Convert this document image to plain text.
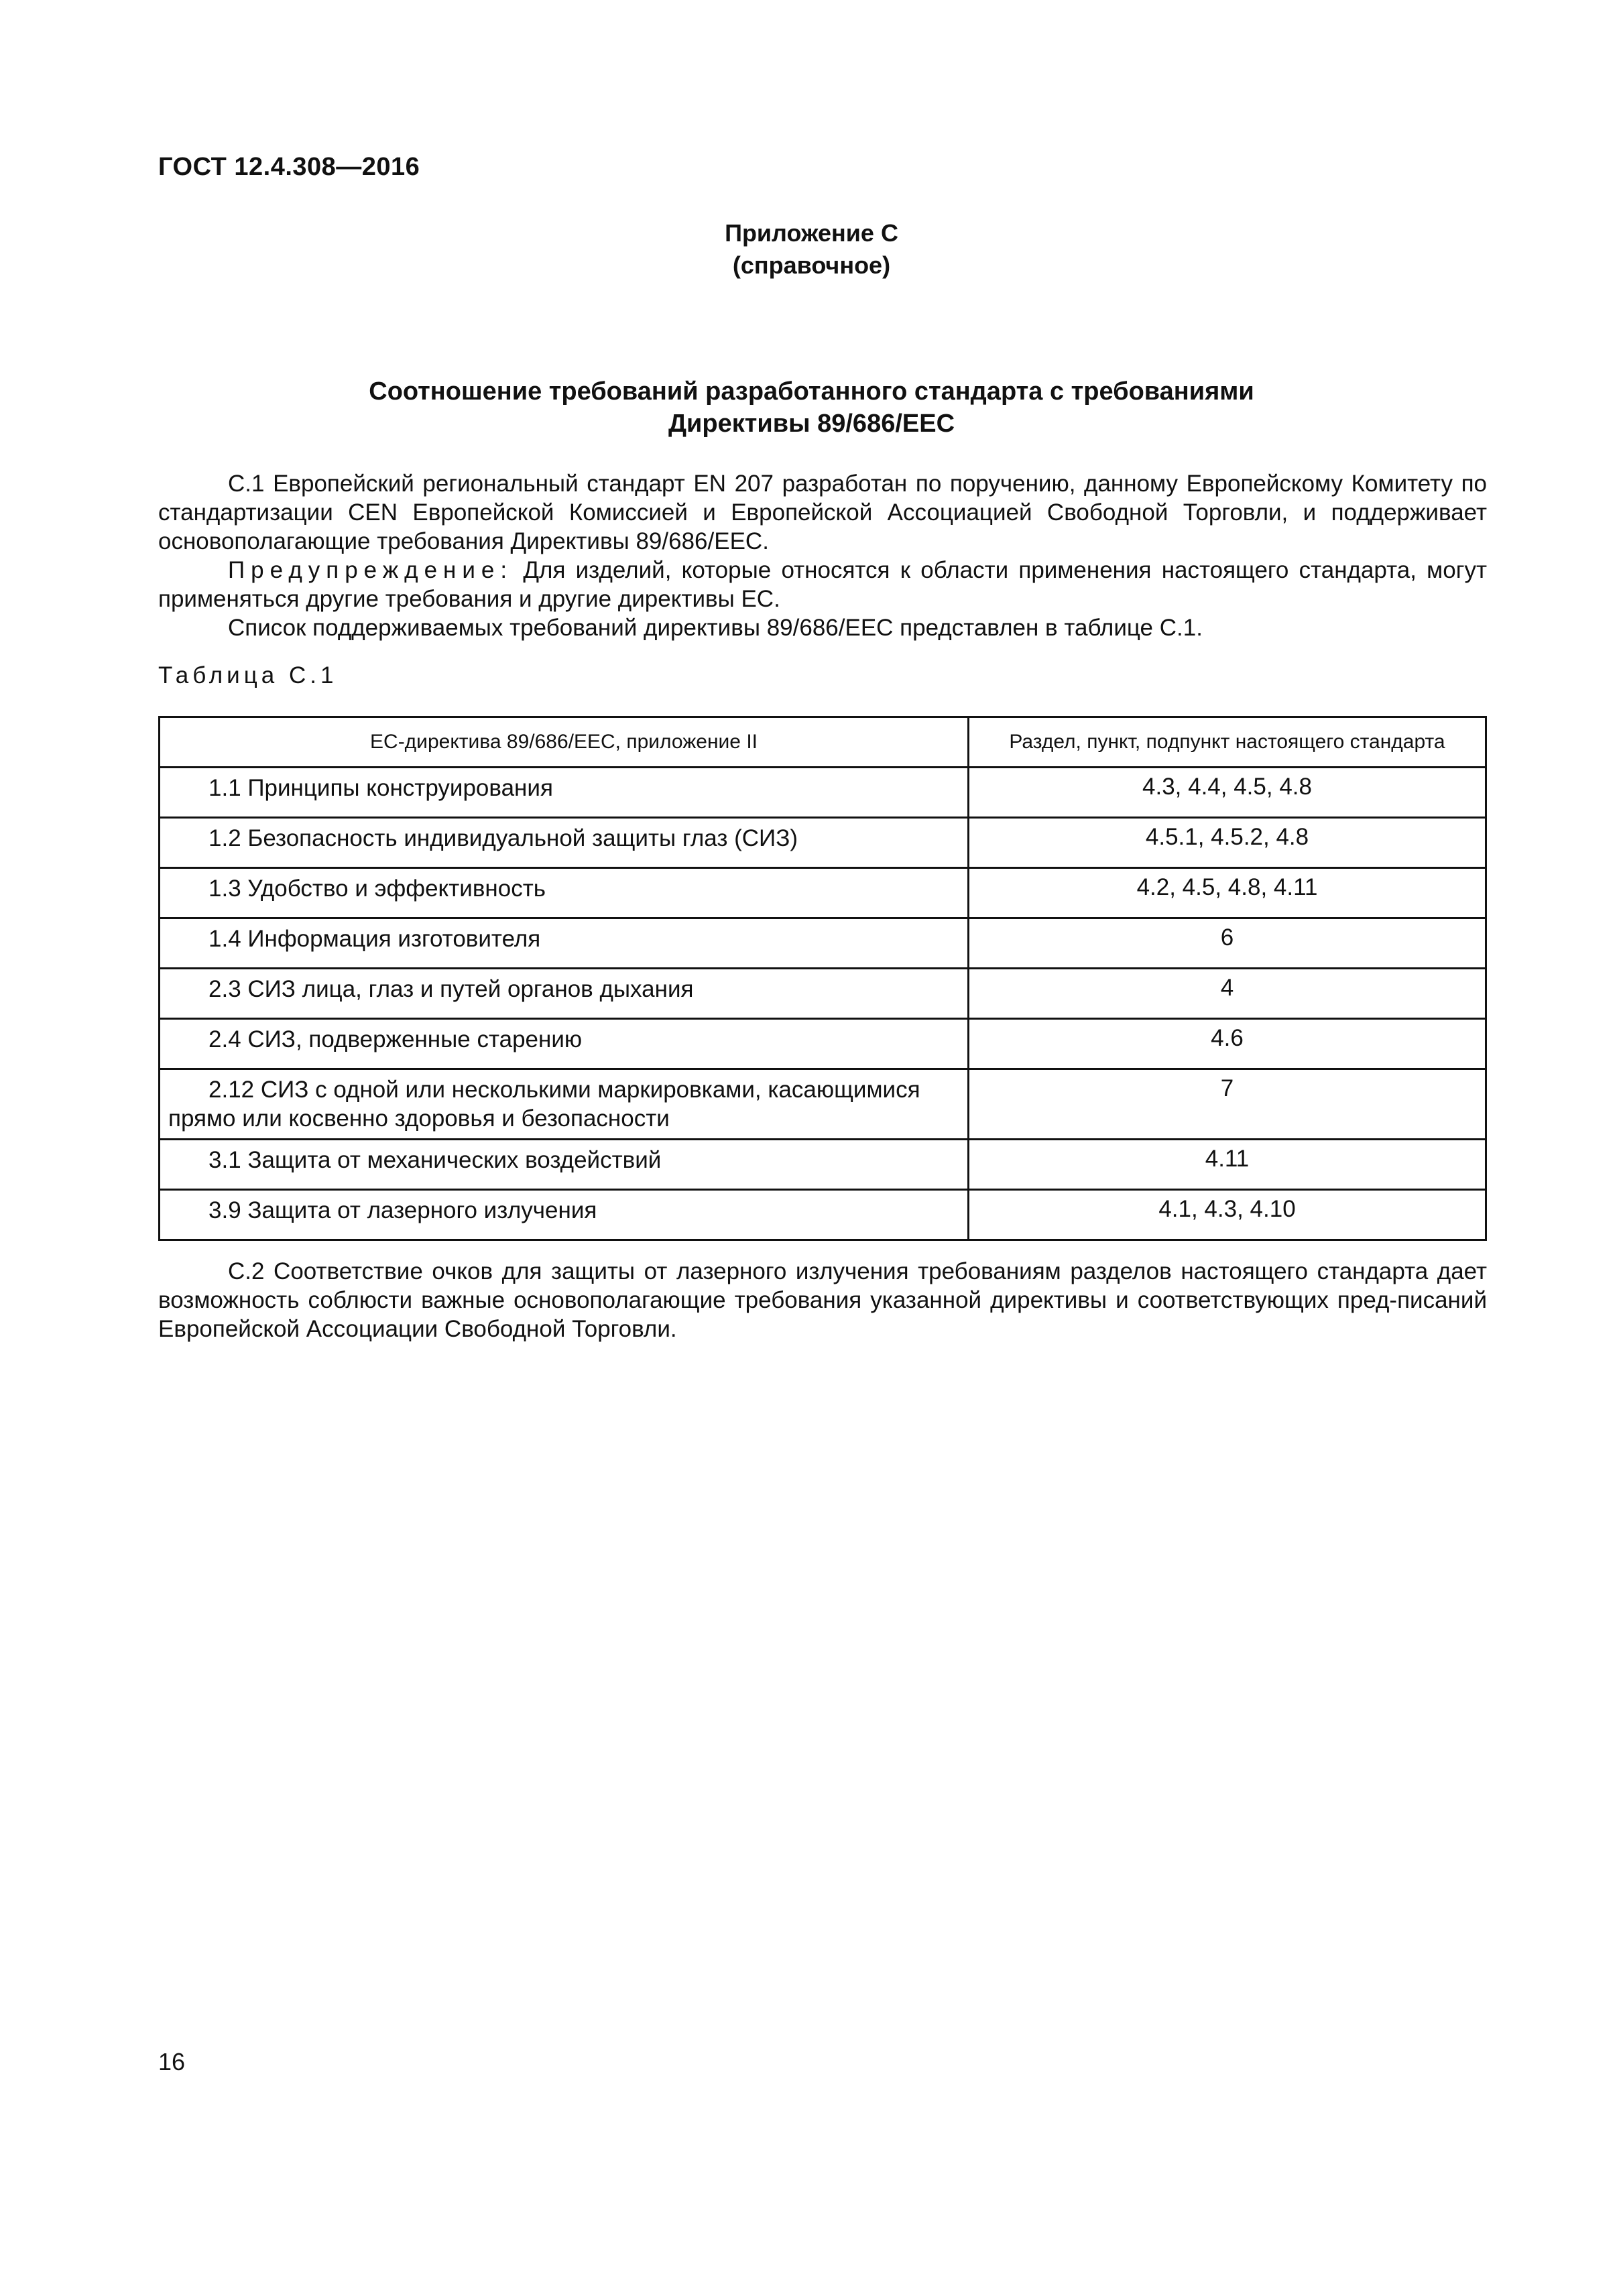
ГОСТ 12.4.308—2016
Приложение С
(справочное)
Соотношение требований разработанного стандарта с требованиями
Директивы 89/686/ЕЕС

С.1 Европейский региональный стандарт EN 207 разработан по поручению, данному Европейскому Комитету по стандартизации CEN Европейской Комиссией и Европейской Ассоциацией Свободной Торговли, и поддерживает основополагающие требования Директивы 89/686/ЕЕС.

Предупреждение: Для изделий, которые относятся к области применения настоящего стандарта, могут применяться другие требования и другие директивы ЕС.

Список поддерживаемых требований директивы 89/686/ЕЕС представлен в таблице С.1.

Таблица С.1
ЕС-директива 89/686/ЕЕС, приложение II	Раздел, пункт, подпункт настоящего стандарта
1.1 Принципы конструирования	4.3, 4.4, 4.5, 4.8
1.2 Безопасность индивидуальной защиты глаз (СИЗ)	4.5.1, 4.5.2, 4.8
1.3 Удобство и эффективность	4.2, 4.5, 4.8, 4.11
1.4 Информация изготовителя	6
2.3 СИЗ лица, глаз и путей органов дыхания	4
2.4 СИЗ, подверженные старению	4.6
2.12 СИЗ с одной или несколькими маркировками, касающимися прямо или косвенно здоровья и безопасности	7
3.1 Защита от механических воздействий	4.11
3.9 Защита от лазерного излучения	4.1, 4.3, 4.10

С.2 Соответствие очков для защиты от лазерного излучения требованиям разделов настоящего стандарта дает возможность соблюсти важные основополагающие требования указанной директивы и соответствующих пред-писаний Европейской Ассоциации Свободной Торговли.

16
